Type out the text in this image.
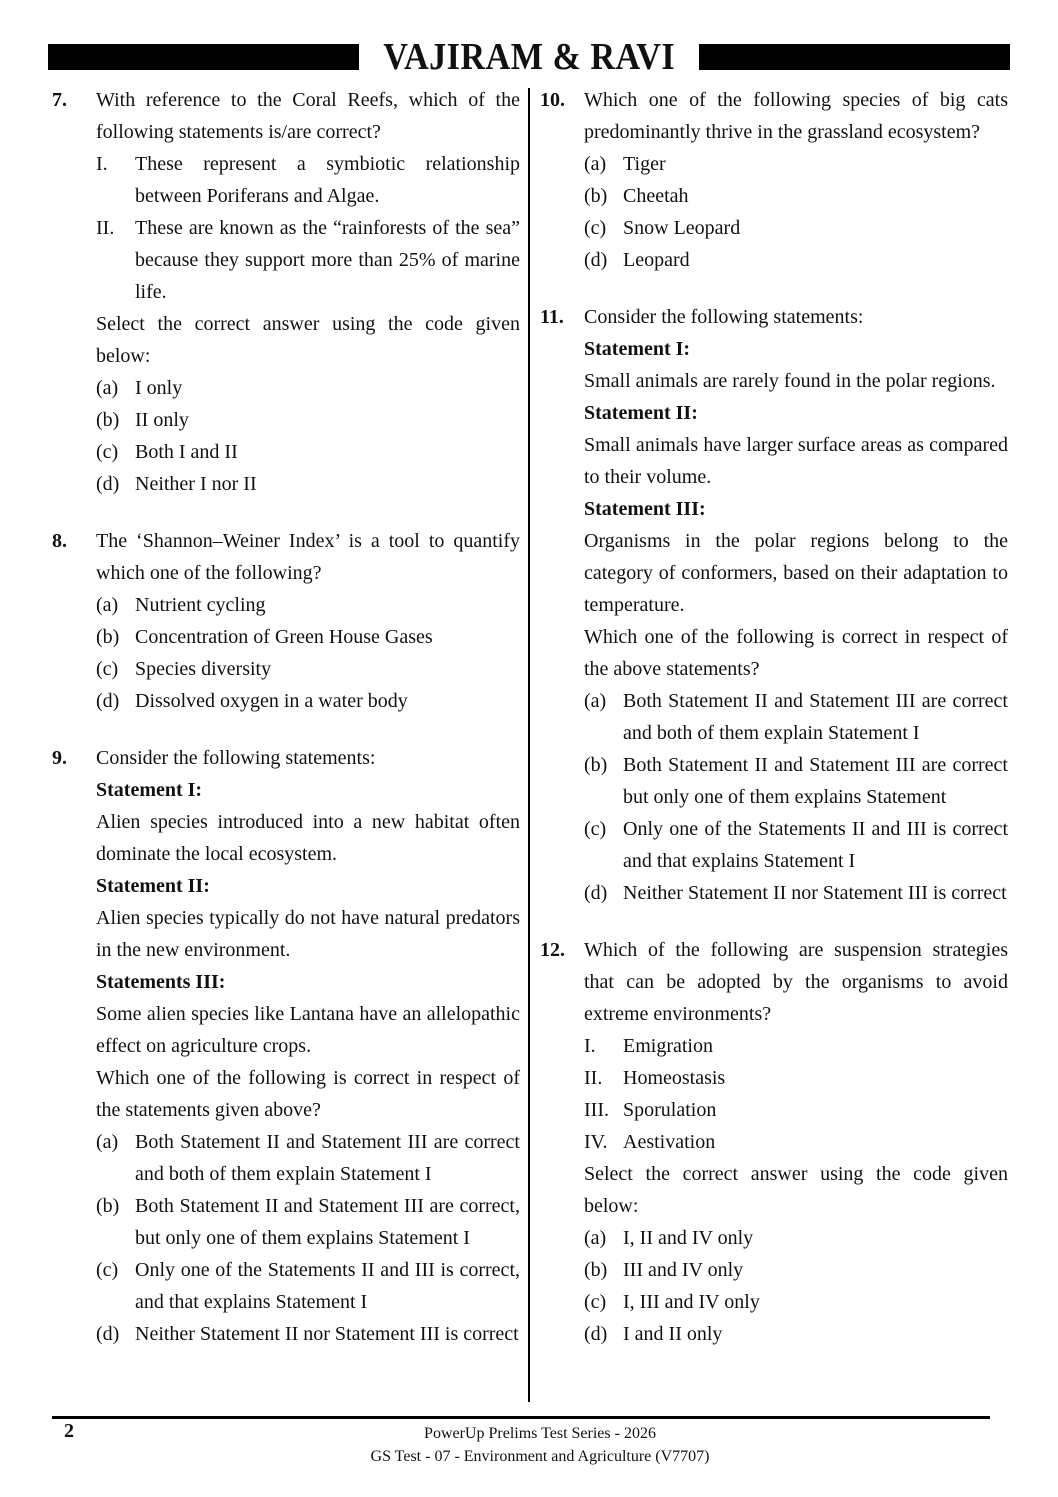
VAJIRAM & RAVI
7. With reference to the Coral Reefs, which of the following statements is/are correct?
I. These represent a symbiotic relationship between Poriferans and Algae.
II. These are known as the “rainforests of the sea” because they support more than 25% of marine life.
Select the correct answer using the code given below:
(a) I only
(b) II only
(c) Both I and II
(d) Neither I nor II
8. The ‘Shannon–Weiner Index’ is a tool to quantify which one of the following?
(a) Nutrient cycling
(b) Concentration of Green House Gases
(c) Species diversity
(d) Dissolved oxygen in a water body
9. Consider the following statements:
Statement I:
Alien species introduced into a new habitat often dominate the local ecosystem.
Statement II:
Alien species typically do not have natural predators in the new environment.
Statements III:
Some alien species like Lantana have an allelopathic effect on agriculture crops.
Which one of the following is correct in respect of the statements given above?
(a) Both Statement II and Statement III are correct and both of them explain Statement I
(b) Both Statement II and Statement III are correct, but only one of them explains Statement I
(c) Only one of the Statements II and III is correct, and that explains Statement I
(d) Neither Statement II nor Statement III is correct
10. Which one of the following species of big cats predominantly thrive in the grassland ecosystem?
(a) Tiger
(b) Cheetah
(c) Snow Leopard
(d) Leopard
11. Consider the following statements:
Statement I:
Small animals are rarely found in the polar regions.
Statement II:
Small animals have larger surface areas as compared to their volume.
Statement III:
Organisms in the polar regions belong to the category of conformers, based on their adaptation to temperature.
Which one of the following is correct in respect of the above statements?
(a) Both Statement II and Statement III are correct and both of them explain Statement I
(b) Both Statement II and Statement III are correct but only one of them explains Statement
(c) Only one of the Statements II and III is correct and that explains Statement I
(d) Neither Statement II nor Statement III is correct
12. Which of the following are suspension strategies that can be adopted by the organisms to avoid extreme environments?
I. Emigration
II. Homeostasis
III. Sporulation
IV. Aestivation
Select the correct answer using the code given below:
(a) I, II and IV only
(b) III and IV only
(c) I, III and IV only
(d) I and II only
2	PowerUp Prelims Test Series - 2026
GS Test - 07 - Environment and Agriculture (V7707)
